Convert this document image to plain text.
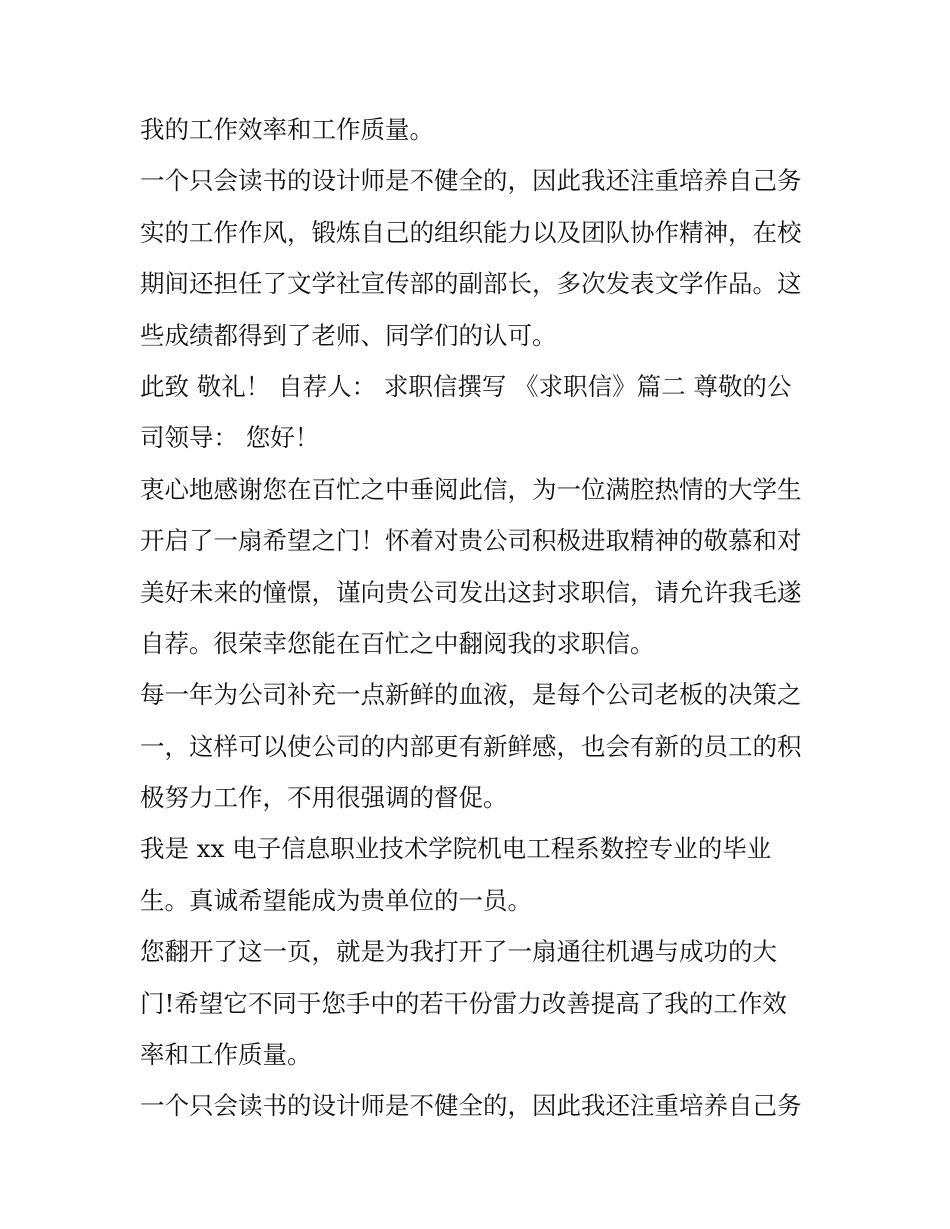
我的工作效率和工作质量。
一个只会读书的设计师是不健全的，因此我还注重培养自己务
实的工作作风，锻炼自己的组织能力以及团队协作精神，在校
期间还担任了文学社宣传部的副部长，多次发表文学作品。这
些成绩都得到了老师、同学们的认可。
此致 敬礼！ 自荐人： 求职信撰写 《求职信》篇二 尊敬的公
司领导： 您好！
衷心地感谢您在百忙之中垂阅此信，为一位满腔热情的大学生
开启了一扇希望之门！怀着对贵公司积极进取精神的敬慕和对
美好未来的憧憬，谨向贵公司发出这封求职信，请允许我毛遂
自荐。很荣幸您能在百忙之中翻阅我的求职信。
每一年为公司补充一点新鲜的血液，是每个公司老板的决策之
一，这样可以使公司的内部更有新鲜感，也会有新的员工的积
极努力工作，不用很强调的督促。
我是 xx 电子信息职业技术学院机电工程系数控专业的毕业
生。真诚希望能成为贵单位的一员。
您翻开了这一页，就是为我打开了一扇通往机遇与成功的大
门!希望它不同于您手中的若干份雷力改善提高了我的工作效
率和工作质量。
一个只会读书的设计师是不健全的，因此我还注重培养自己务
